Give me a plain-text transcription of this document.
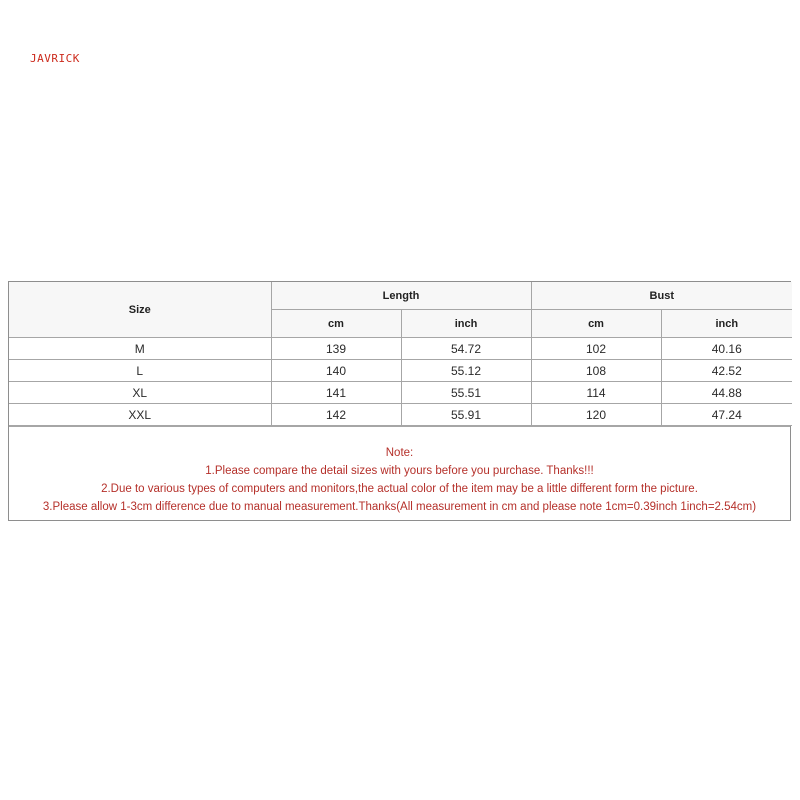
JAVRICK
Size	Length		Bust	
	cm	inch	cm	inch
M	139	54.72	102	40.16
L	140	55.12	108	42.52
XL	141	55.51	114	44.88
XXL	142	55.91	120	47.24
Note:
1.Please compare the detail sizes with yours before you purchase. Thanks!!!
2.Due to various types of computers and monitors,the actual color of the item may be a little different form the picture.
3.Please allow 1-3cm difference due to manual measurement.Thanks(All measurement in cm and please note 1cm=0.39inch 1inch=2.54cm)
